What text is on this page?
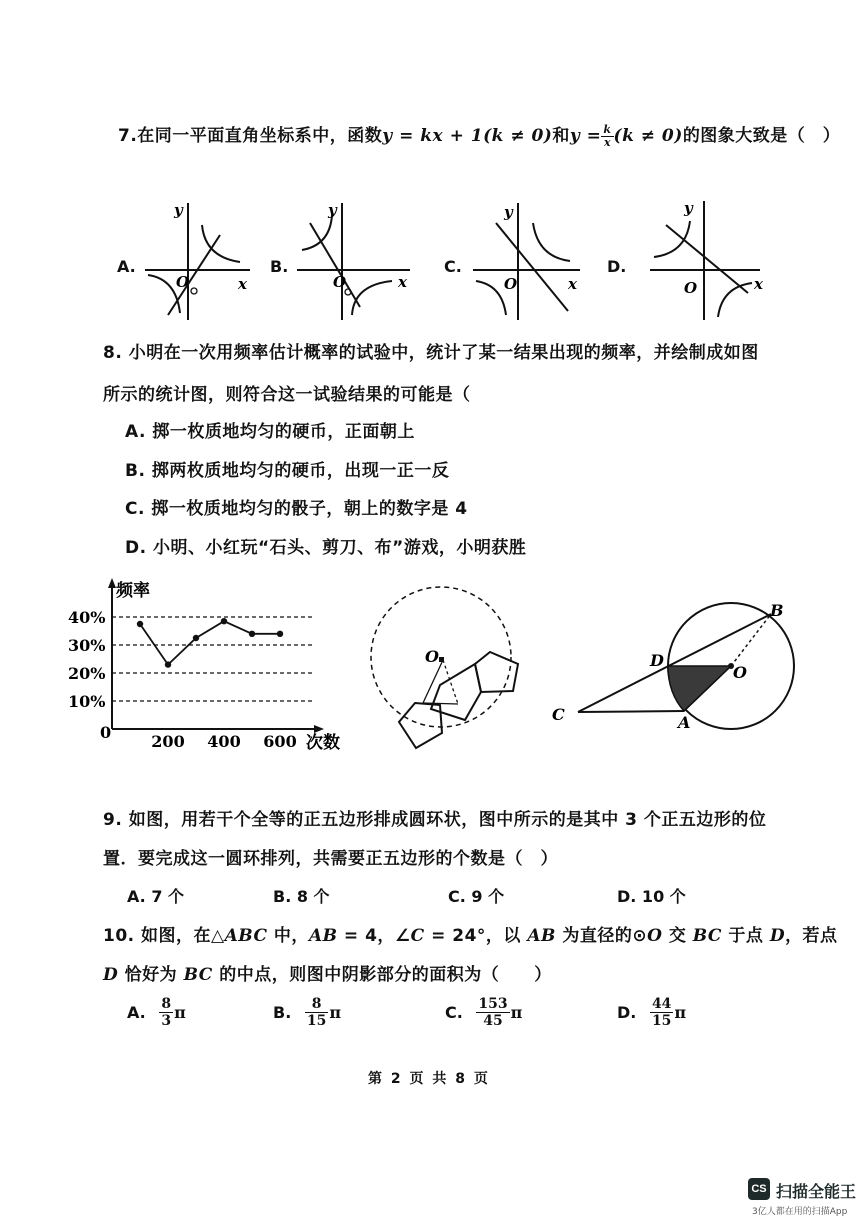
7.在同一平面直角坐标系中，函数y = kx + 1(k ≠ 0)和$y = \frac{k}{x} (k \ne 0)$的图象大致是（　）
A.	B.	C.	D.
y
x
O
y
x
O
y
x
O
y
x
O
8. 小明在一次用频率估计概率的试验中，统计了某一结果出现的频率，并绘制成如图
所示的统计图，则符合这一试验结果的可能是（
A. 掷一枚质地均匀的硬币，正面朝上
B. 掷两枚质地均匀的硬币，出现一正一反
C. 掷一枚质地均匀的骰子，朝上的数字是 4
D. 小明、小红玩“石头、剪刀、布”游戏，小明获胜
10%
20%
30%
40%
200 400 600
频率
次数
0
O
B
D
O
C	A
9. 如图，用若干个全等的正五边形排成圆环状，图中所示的是其中 3 个正五边形的位
置．要完成这一圆环排列，共需要正五边形的个数是（　）
A. 7 个	B. 8 个	C. 9 个	D. 10 个
10. 如图，在△ABC 中，AB = 4，∠C = 24°，以 AB 为直径的⊙O 交 BC 于点 D，若点
D 恰好为 BC 的中点，则图中阴影部分的面积为（　　）
A. $\frac{8}{3}$ π	B. $\frac{8}{15}$ π	C. $\frac{153}{45}$ π	D. $\frac{44}{15}$ π
第 2 页 共 8 页
CS 扫描全能王
3亿人都在用的扫描App
